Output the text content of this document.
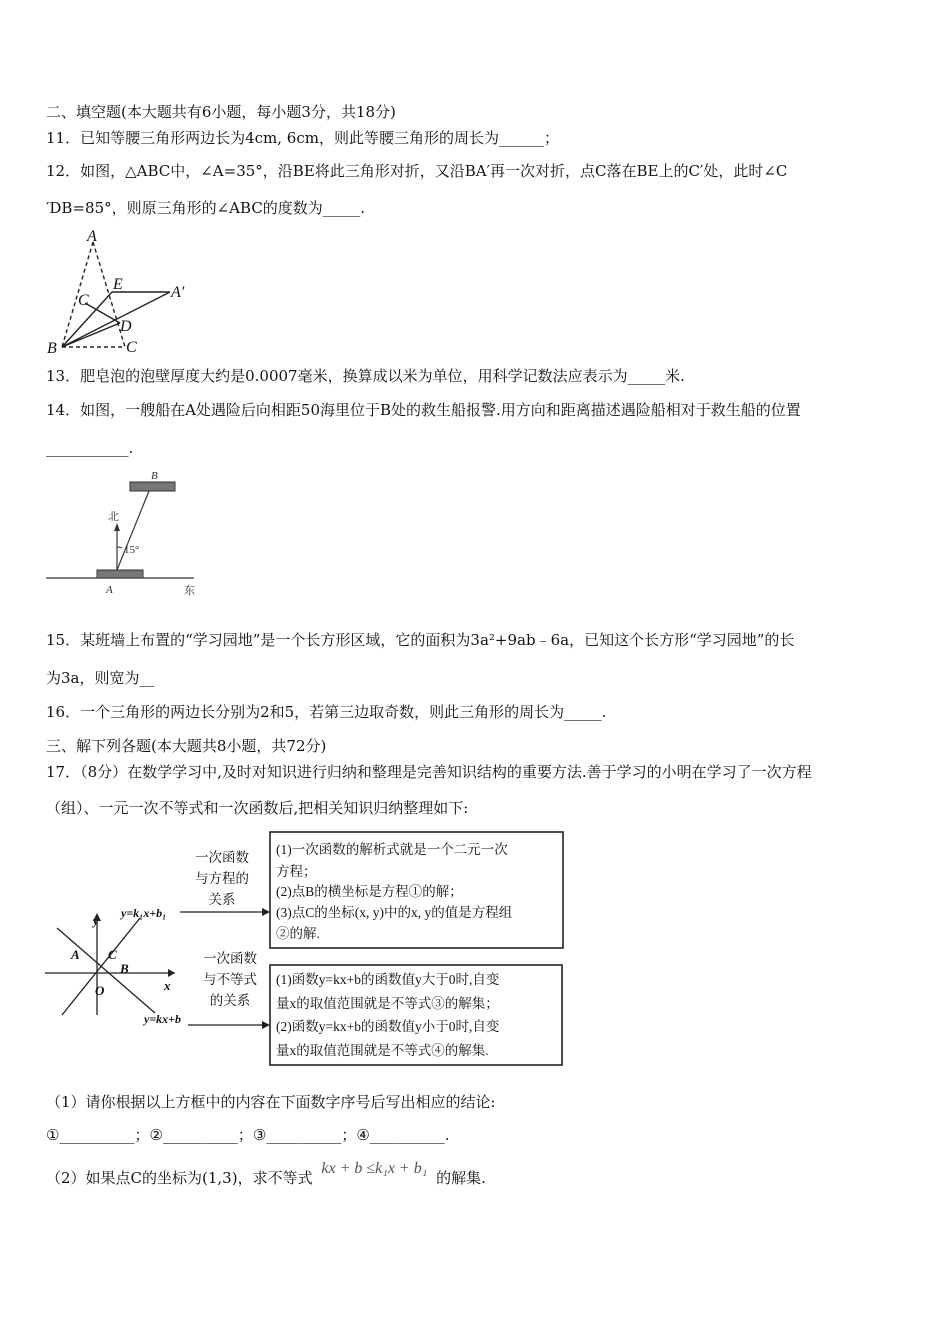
二、填空题(本大题共有6小题，每小题3分，共18分)
11．已知等腰三角形两边长为4cm, 6cm，则此等腰三角形的周长为______；
12．如图，△ABC中，∠A=35°，沿BE将此三角形对折，又沿BA′再一次对折，点C落在BE上的C′处，此时∠C
′DB=85°，则原三角形的∠ABC的度数为_____.
A
E
C	A′
D
B	C
13．肥皂泡的泡壁厚度大约是0.0007毫米，换算成以米为单位，用科学记数法应表示为_____米.
14．如图，一艘船在A处遇险后向相距50海里位于B处的救生船报警.用方向和距离描述遇险船相对于救生船的位置
___________.
B
北
15°
A	东
15．某班墙上布置的“学习园地”是一个长方形区域，它的面积为3a²+9ab﹣6a，已知这个长方形“学习园地”的长
为3a，则宽为__
16．一个三角形的两边长分别为2和5，若第三边取奇数，则此三角形的周长为_____.
三、解下列各题(本大题共8小题，共72分)
17．（8分）在数学学习中,及时对知识进行归纳和整理是完善知识结构的重要方法.善于学习的小明在学习了一次方程
（组）、一元一次不等式和一次函数后,把相关知识归纳整理如下:
y
x
O
A C
B
y=k₁x+b₁
y=kx+b
一次函数
与方程的
关系
一次函数
与不等式
的关系
(1)一次函数的解析式就是一个二元一次
方程；
(2)点B的横坐标是方程①的解；
(3)点C的坐标(x, y)中的x, y的值是方程组
②的解.
(1)函数y=kx+b的函数值y大于0时,自变
量x的取值范围就是不等式③的解集；
(2)函数y=kx+b的函数值y小于0时,自变
量x的取值范围就是不等式④的解集.
（1）请你根据以上方框中的内容在下面数字序号后写出相应的结论:
①__________；②__________；③__________；④__________.
（2）如果点C的坐标为(1,3)，求不等式 kx + b ≤k₁x + b₁ 的解集.
